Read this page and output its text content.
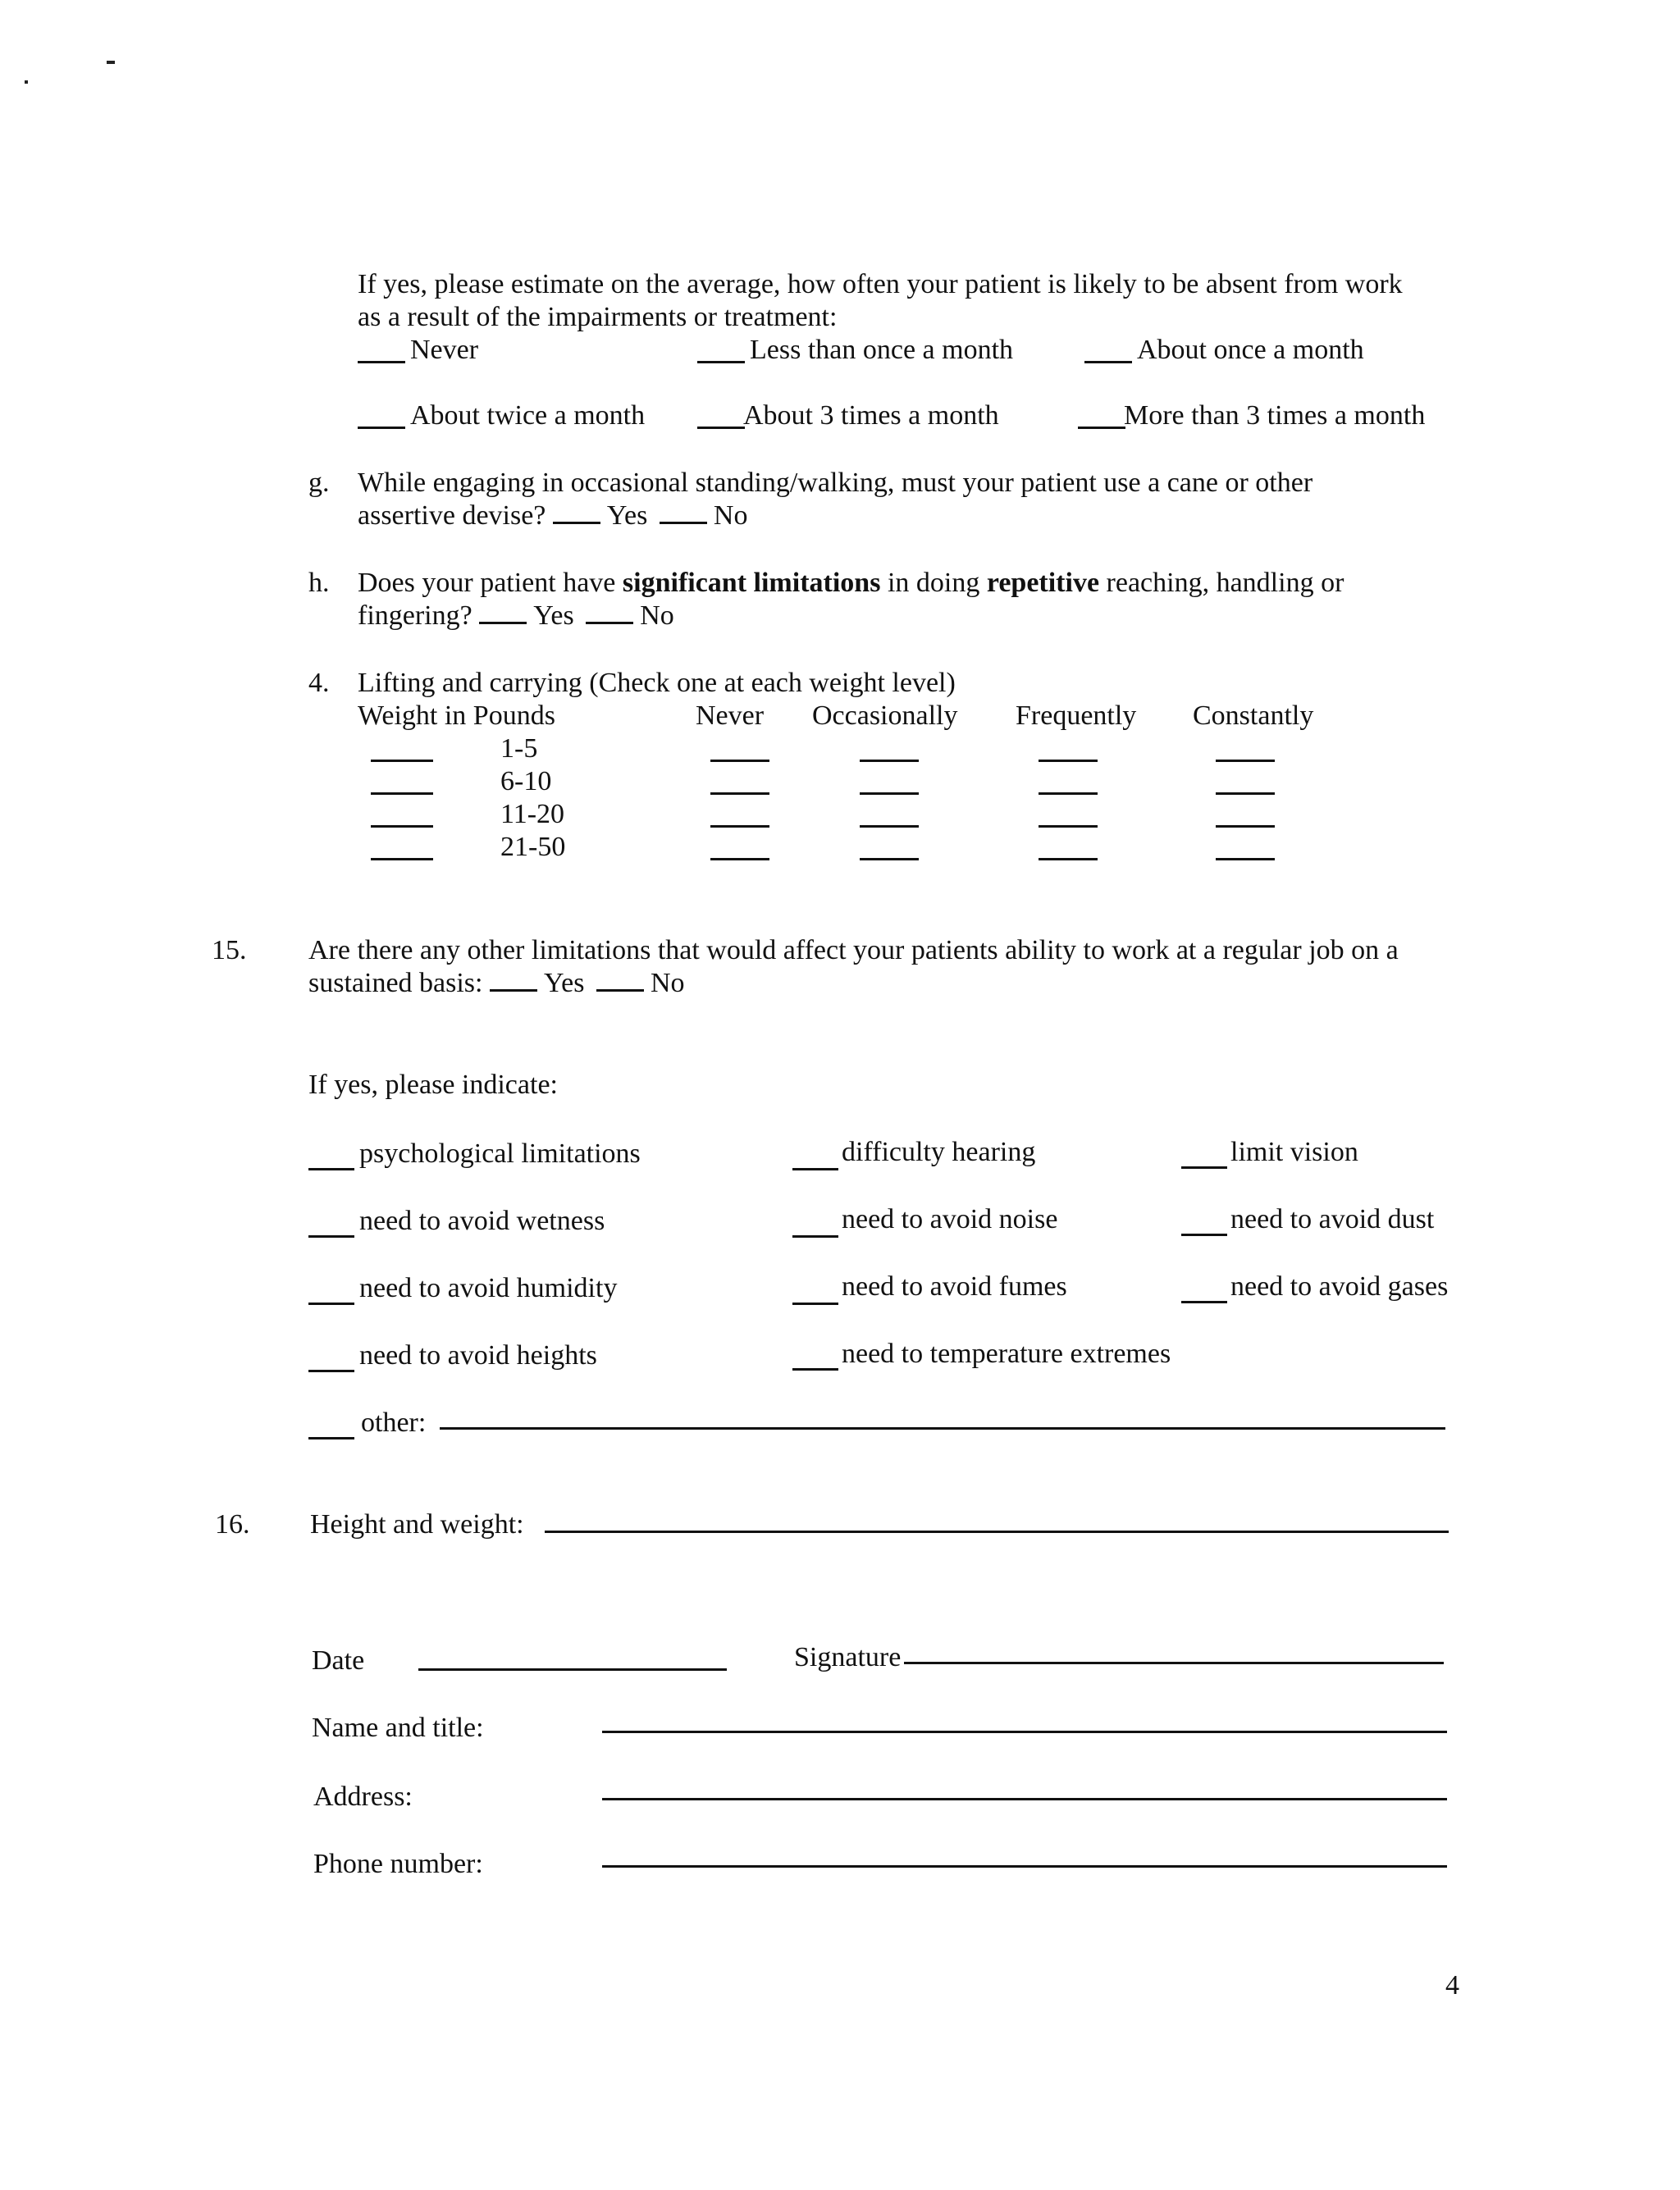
If yes, please estimate on the average, how often your patient is likely to be absent from work
as a result of the impairments or treatment:
Never	Less than once a month	About once a month
About twice a month	About 3 times a month	More than 3 times a month
g. While engaging in occasional standing/walking, must your patient use a cane or other
assertive devise? Yes No
h. Does your patient have significant limitations in doing repetitive reaching, handling or
fingering? Yes No
4. Lifting and carrying (Check one at each weight level)
Weight in Pounds	Never Occasionally Frequently Constantly
1-5
6-10
11-20
21-50
15. Are there any other limitations that would affect your patients ability to work at a regular job on a
sustained basis: Yes No
If yes, please indicate:
psychological limitations	difficulty hearing	limit vision
need to avoid wetness	need to avoid noise	need to avoid dust
need to avoid humidity	need to avoid fumes	need to avoid gases
need to avoid heights	need to temperature extremes
other:
16. Height and weight:
Date	Signature
Name and title:
Address:
Phone number:
4
